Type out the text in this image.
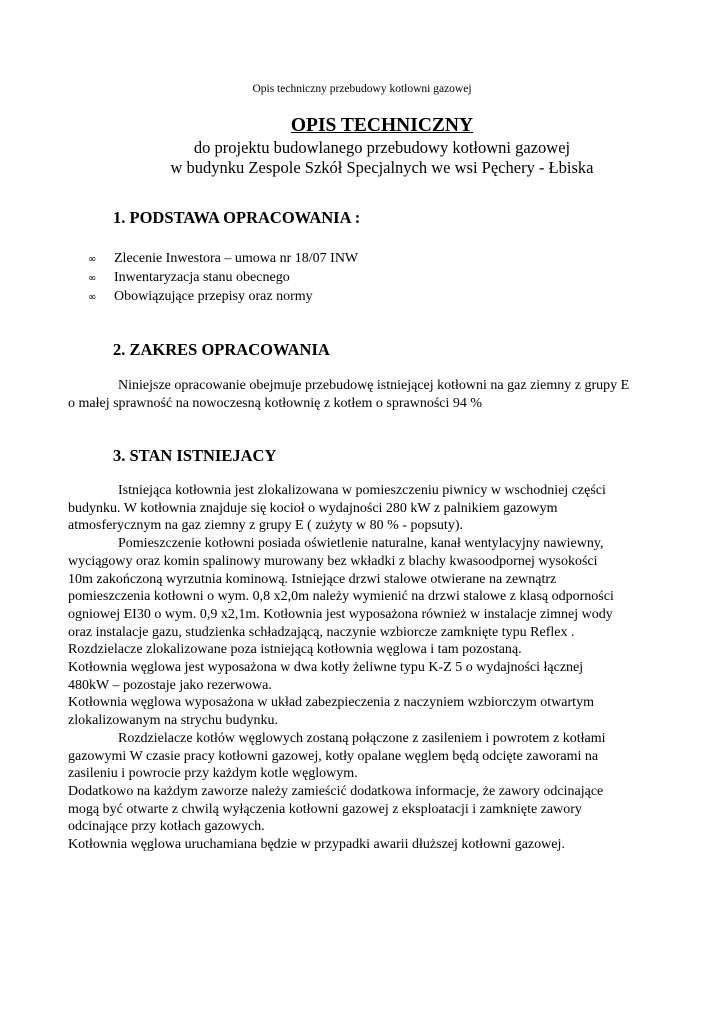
Opis techniczny przebudowy kotłowni gazowej
OPIS TECHNICZNY
do projektu budowlanego przebudowy kotłowni gazowej
w budynku Zespole Szkół Specjalnych we wsi Pęchery - Łbiska
1. PODSTAWA OPRACOWANIA :
∞	Zlecenie Inwestora – umowa nr 18/07 INW
∞	Inwentaryzacja stanu obecnego
∞	Obowiązujące przepisy oraz normy
2. ZAKRES OPRACOWANIA
Niniejsze opracowanie obejmuje przebudowę istniejącej kotłowni na gaz ziemny z grupy E
o małej sprawność na nowoczesną kotłownię z kotłem o sprawności 94 %
3. STAN ISTNIEJACY
Istniejąca kotłownia jest zlokalizowana w pomieszczeniu piwnicy w wschodniej części
budynku. W kotłownia znajduje się kocioł o wydajności 280 kW z palnikiem gazowym
atmosferycznym na gaz ziemny z grupy E ( zużyty w 80 % - popsuty).
Pomieszczenie kotłowni posiada oświetlenie naturalne, kanał wentylacyjny nawiewny,
wyciągowy oraz komin spalinowy murowany bez wkładki z blachy kwasoodpornej wysokości
10m zakończoną wyrzutnia kominową. Istniejące drzwi stalowe otwierane na zewnątrz
pomieszczenia kotłowni o wym. 0,8 x2,0m należy wymienić na drzwi stalowe z klasą odporności
ogniowej EI30 o wym. 0,9 x2,1m. Kotłownia jest wyposażona również w instalacje zimnej wody
oraz instalacje gazu, studzienka schładzającą, naczynie wzbiorcze zamknięte typu Reflex .
Rozdzielacze zlokalizowane poza istniejącą kotłownia węglowa i tam pozostaną.
Kotłownia węglowa jest wyposażona w dwa kotły żeliwne typu K-Z 5 o wydajności łącznej
480kW – pozostaje jako rezerwowa.
Kotłownia węglowa wyposażona w układ zabezpieczenia z naczyniem wzbiorczym otwartym
zlokalizowanym na strychu budynku.
Rozdzielacze kotłów węglowych zostaną połączone z zasileniem i powrotem z kotłami
gazowymi W czasie pracy kotłowni gazowej, kotły opalane węglem będą odcięte zaworami na
zasileniu i powrocie przy każdym kotle węglowym.
Dodatkowo na każdym zaworze należy zamieścić dodatkowa informacje, że zawory odcinające
mogą być otwarte z chwilą wyłączenia kotłowni gazowej z eksploatacji i zamknięte zawory
odcinające przy kotłach gazowych.
Kotłownia węglowa uruchamiana będzie w przypadki awarii dłuższej kotłowni gazowej.
